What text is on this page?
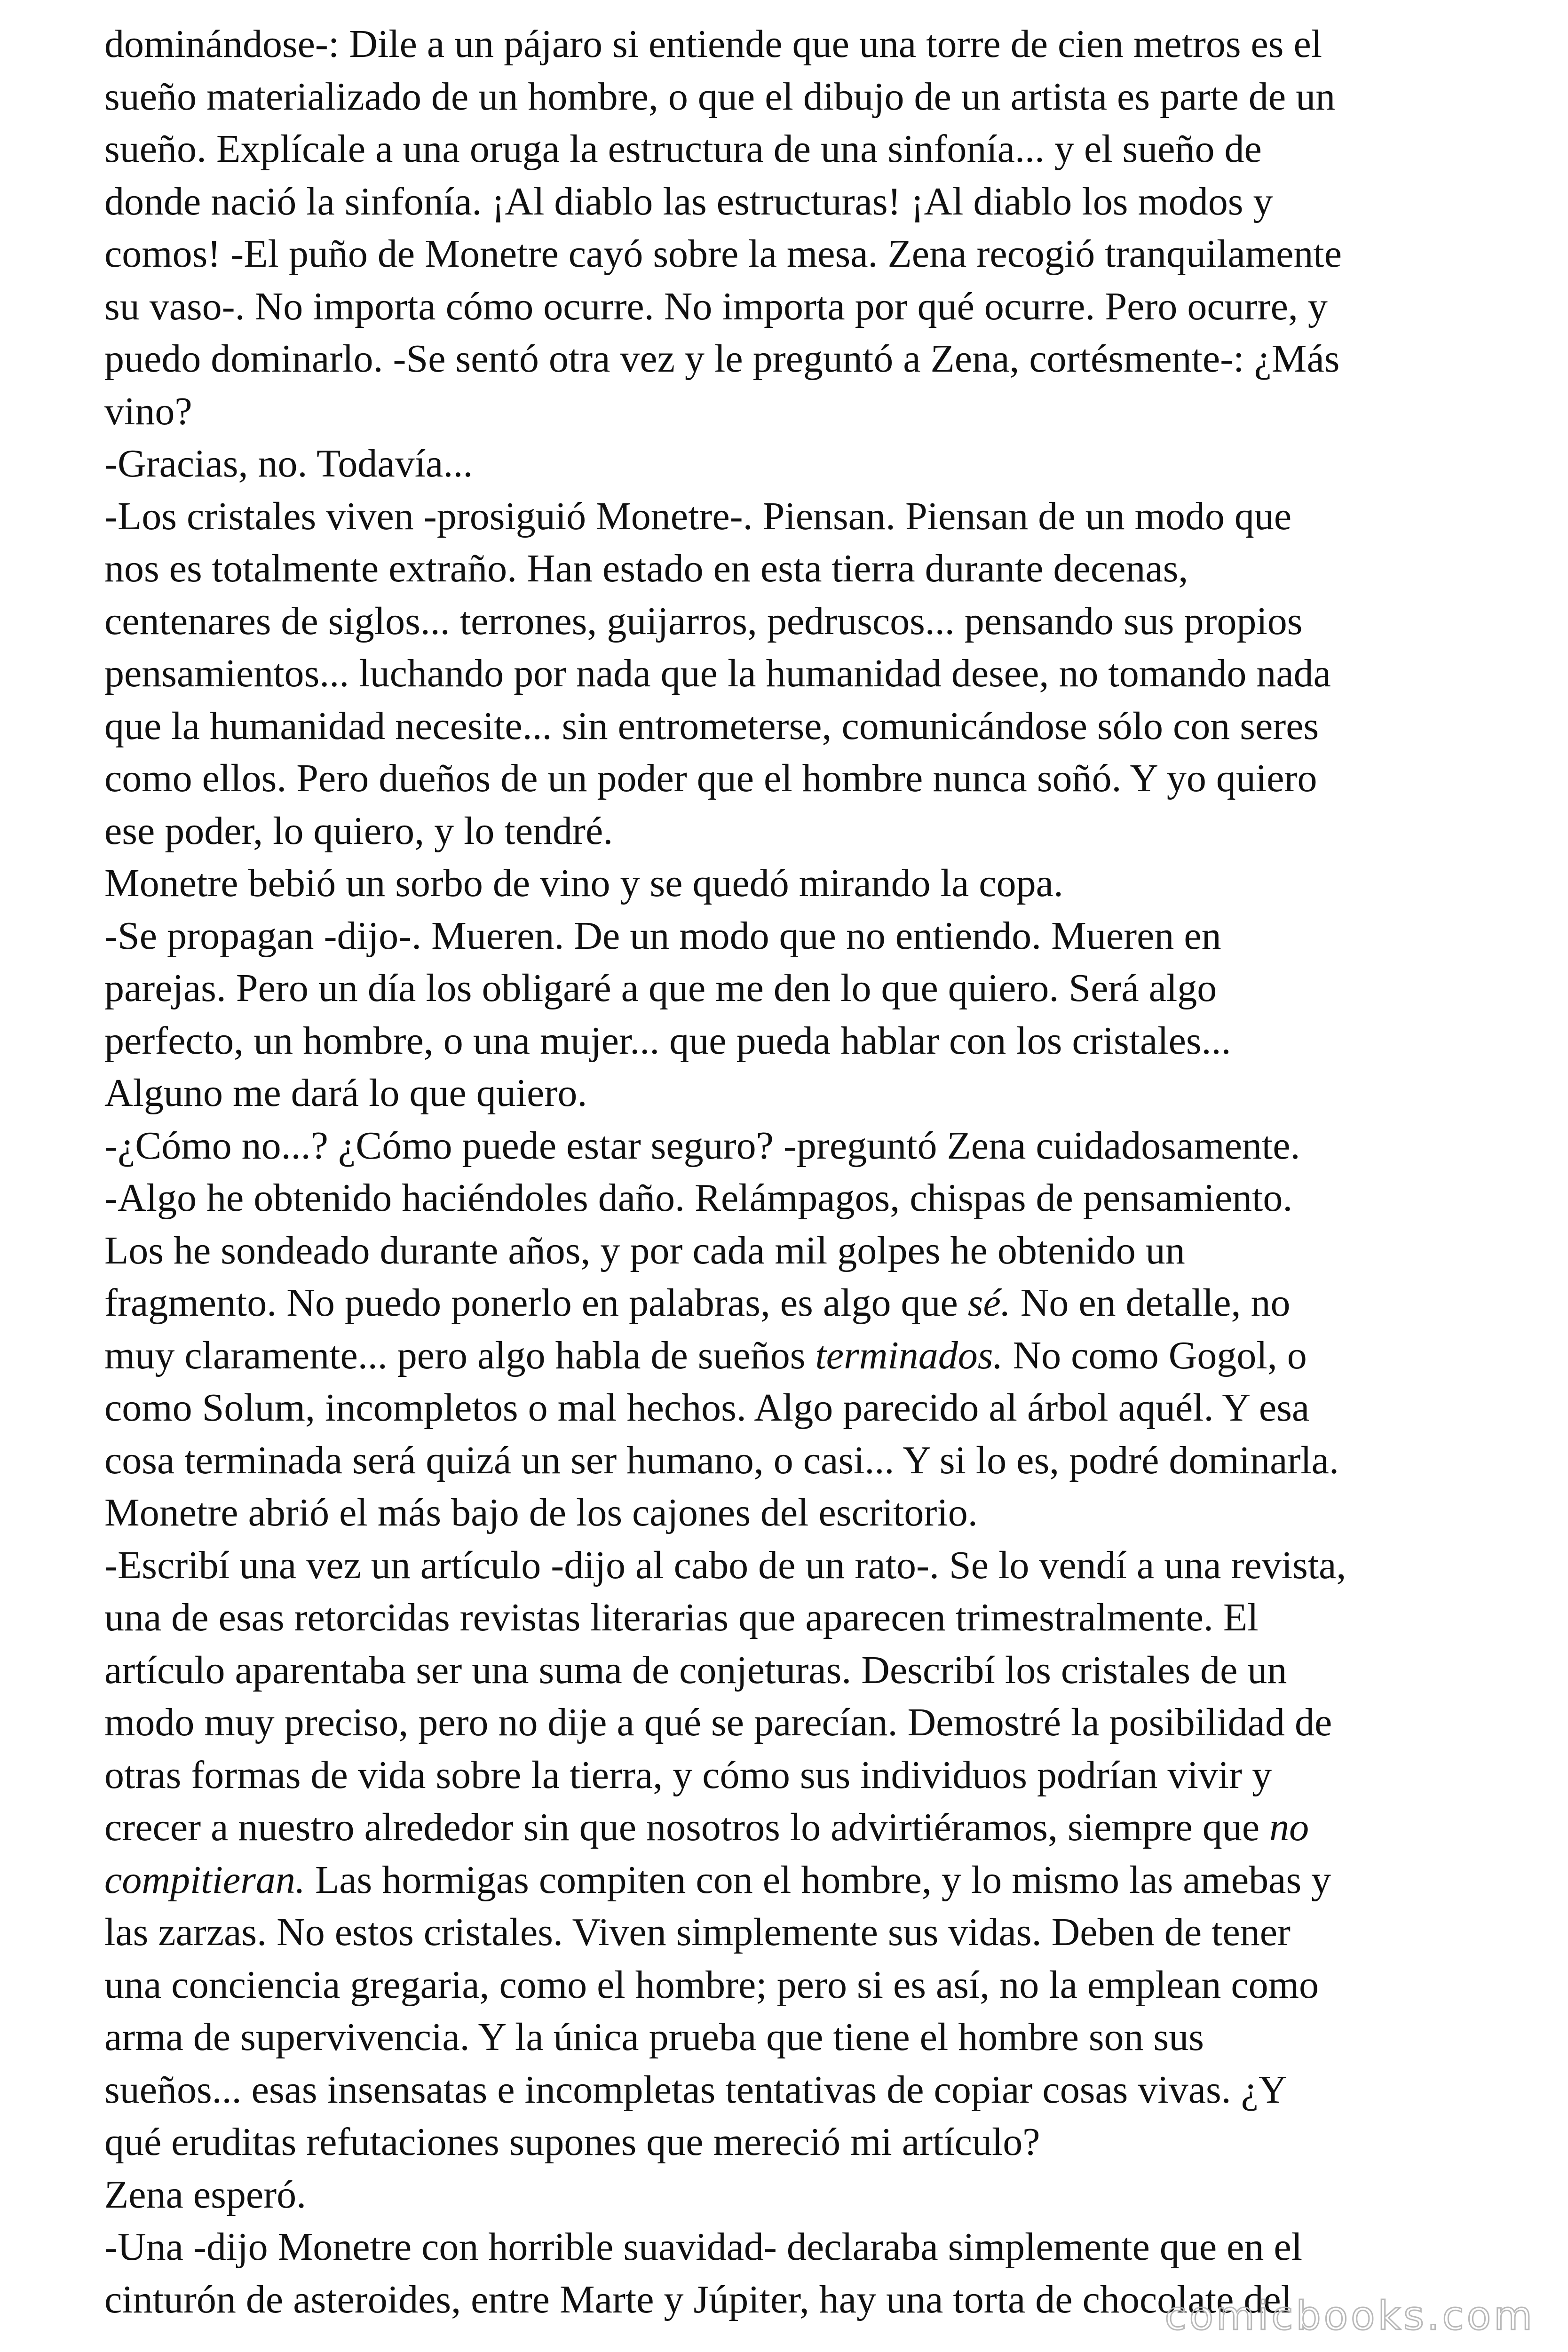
dominándose-: Dile a un pájaro si entiende que una torre de cien metros es el
sueño materializado de un hombre, o que el dibujo de un artista es parte de un
sueño. Explícale a una oruga la estructura de una sinfonía... y el sueño de
donde nació la sinfonía. ¡Al diablo las estructuras! ¡Al diablo los modos y
comos! -El puño de Monetre cayó sobre la mesa. Zena recogió tranquilamente
su vaso-. No importa cómo ocurre. No importa por qué ocurre. Pero ocurre, y
puedo dominarlo. -Se sentó otra vez y le preguntó a Zena, cortésmente-: ¿Más
vino?
-Gracias, no. Todavía...
-Los cristales viven -prosiguió Monetre-. Piensan. Piensan de un modo que
nos es totalmente extraño. Han estado en esta tierra durante decenas,
centenares de siglos... terrones, guijarros, pedruscos... pensando sus propios
pensamientos... luchando por nada que la humanidad desee, no tomando nada
que la humanidad necesite... sin entrometerse, comunicándose sólo con seres
como ellos. Pero dueños de un poder que el hombre nunca soñó. Y yo quiero
ese poder, lo quiero, y lo tendré.
Monetre bebió un sorbo de vino y se quedó mirando la copa.
-Se propagan -dijo-. Mueren. De un modo que no entiendo. Mueren en
parejas. Pero un día los obligaré a que me den lo que quiero. Será algo
perfecto, un hombre, o una mujer... que pueda hablar con los cristales...
Alguno me dará lo que quiero.
-¿Cómo no...? ¿Cómo puede estar seguro? -preguntó Zena cuidadosamente.
-Algo he obtenido haciéndoles daño. Relámpagos, chispas de pensamiento.
Los he sondeado durante años, y por cada mil golpes he obtenido un
fragmento. No puedo ponerlo en palabras, es algo que sé. No en detalle, no
muy claramente... pero algo habla de sueños terminados. No como Gogol, o
como Solum, incompletos o mal hechos. Algo parecido al árbol aquél. Y esa
cosa terminada será quizá un ser humano, o casi... Y si lo es, podré dominarla.
Monetre abrió el más bajo de los cajones del escritorio.
-Escribí una vez un artículo -dijo al cabo de un rato-. Se lo vendí a una revista,
una de esas retorcidas revistas literarias que aparecen trimestralmente. El
artículo aparentaba ser una suma de conjeturas. Describí los cristales de un
modo muy preciso, pero no dije a qué se parecían. Demostré la posibilidad de
otras formas de vida sobre la tierra, y cómo sus individuos podrían vivir y
crecer a nuestro alrededor sin que nosotros lo advirtiéramos, siempre que no
compitieran. Las hormigas compiten con el hombre, y lo mismo las amebas y
las zarzas. No estos cristales. Viven simplemente sus vidas. Deben de tener
una conciencia gregaria, como el hombre; pero si es así, no la emplean como
arma de supervivencia. Y la única prueba que tiene el hombre son sus
sueños... esas insensatas e incompletas tentativas de copiar cosas vivas. ¿Y
qué eruditas refutaciones supones que mereció mi artículo?
Zena esperó.
-Una -dijo Monetre con horrible suavidad- declaraba simplemente que en el
cinturón de asteroides, entre Marte y Júpiter, hay una torta de chocolate del
comicbooks.com
